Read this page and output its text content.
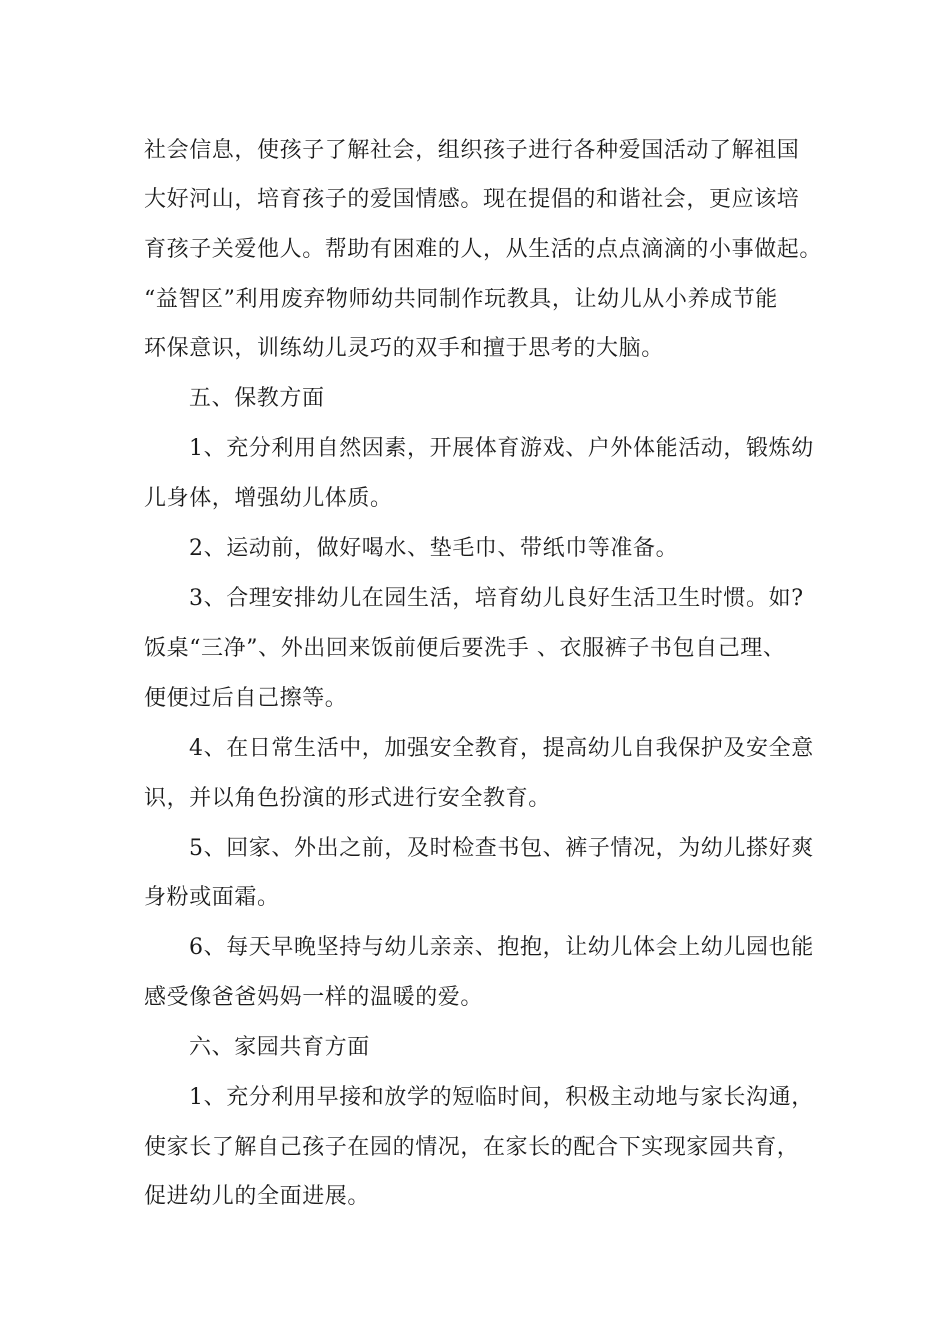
社会信息，使孩子了解社会，组织孩子进行各种爱国活动了解祖国
大好河山，培育孩子的爱国情感。现在提倡的和谐社会，更应该培
育孩子关爱他人。帮助有困难的人，从生活的点点滴滴的小事做起。
“益智区”利用废弃物师幼共同制作玩教具，让幼儿从小养成节能
环保意识，训练幼儿灵巧的双手和擅于思考的大脑。
五、保教方面
1、充分利用自然因素，开展体育游戏、户外体能活动，锻炼幼
儿身体，增强幼儿体质。
2、运动前，做好喝水、垫毛巾、带纸巾等准备。
3、合理安排幼儿在园生活，培育幼儿良好生活卫生时惯。如?
饭桌“三净”、外出回来饭前便后要洗手 、衣服裤子书包自己理、
便便过后自己擦等。
4、在日常生活中，加强安全教育，提高幼儿自我保护及安全意
识，并以角色扮演的形式进行安全教育。
5、回家、外出之前，及时检查书包、裤子情况，为幼儿搽好爽
身粉或面霜。
6、每天早晚坚持与幼儿亲亲、抱抱，让幼儿体会上幼儿园也能
感受像爸爸妈妈一样的温暖的爱。
六、家园共育方面
1、充分利用早接和放学的短临时间，积极主动地与家长沟通，
使家长了解自己孩子在园的情况，在家长的配合下实现家园共育，
促进幼儿的全面进展。
